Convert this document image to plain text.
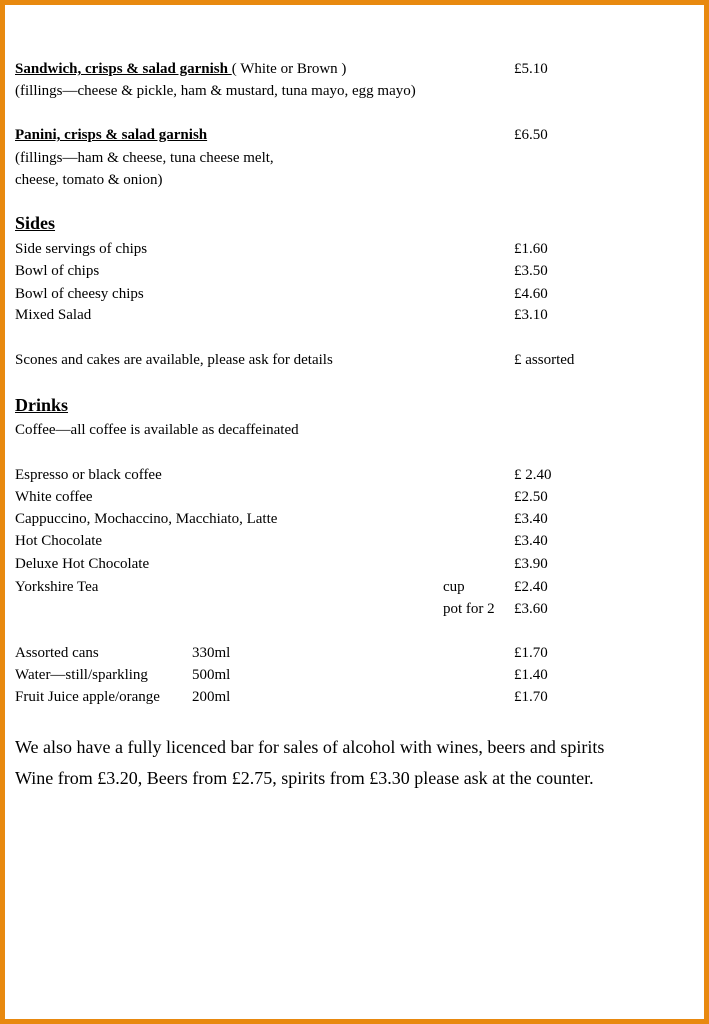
Sandwich, crisps & salad garnish ( White or Brown )	£5.10
(fillings—cheese & pickle, ham & mustard, tuna mayo, egg mayo)
Panini, crisps & salad garnish	£6.50
(fillings—ham & cheese, tuna cheese melt,
cheese, tomato & onion)
Sides
Side servings of chips	£1.60
Bowl of chips	£3.50
Bowl of cheesy chips	£4.60
Mixed Salad	£3.10
Scones and cakes are available, please ask for details	£ assorted
Drinks
Coffee—all coffee is available as decaffeinated
Espresso or black coffee	£ 2.40
White coffee	£2.50
Cappuccino, Mochaccino, Macchiato, Latte	£3.40
Hot Chocolate	£3.40
Deluxe Hot Chocolate	£3.90
Yorkshire Tea	cup	£2.40
pot for 2 £3.60
Assorted cans	330ml	£1.70
Water—still/sparkling	500ml	£1.40
Fruit Juice apple/orange 200ml	£1.70
We also have a fully licenced bar for sales of alcohol with wines, beers and spirits
Wine from £3.20, Beers from £2.75, spirits from £3.30 please ask at the counter.
